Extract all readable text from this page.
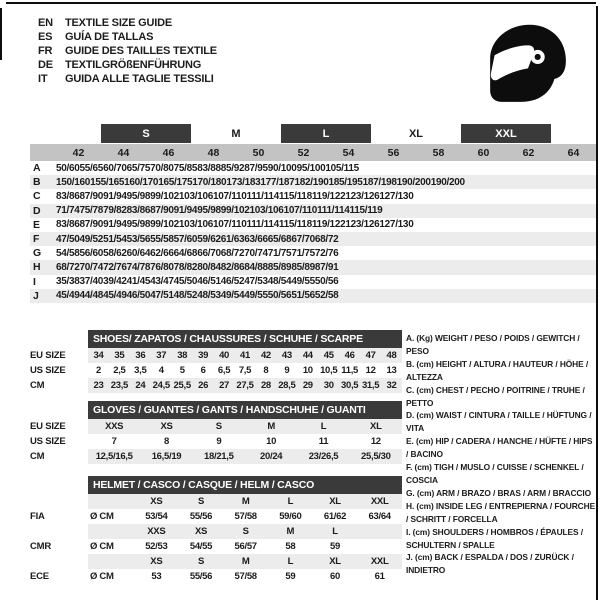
EN	TEXTILE SIZE GUIDE
ES	GUÍA DE TALLAS
FR	GUIDE DES TAILLES TEXTILE
DE	TEXTILGRÖßENFÜHRUNG
IT	GUIDA ALLE TAGLIE TESSILI
S	M	L	XL	XXL
42	44	46	48	50	52	54	56	58	60	62	64
A	50/60 55/65 60/70 65/75 70/80 75/85 83/88 85/92 87/95 90/100 95/100 105/115
B	150/160 155/165 160/170 165/175 170/180 173/183 177/187 182/190 185/195 187/198 190/200 190/200
C	83/86 87/90 91/94 95/98 99/102 103/106 107/110 111/114 115/118 119/122 123/126 127/130
D	71/74 75/78 79/82 83/86 87/90 91/94 95/98 99/102 103/106 107/110 111/114 115/119
E	83/86 87/90 91/94 95/98 99/102 103/106 107/110 111/114 115/118 119/122 123/126 127/130
F	47/50 49/52 51/54 53/56 55/58 57/60 59/62 61/63 63/66 65/68 67/70 68/72
G	54/58 56/60 58/62 60/64 62/66 64/68 66/70 68/72 70/74 71/75 71/75 72/76
H	68/72 70/74 72/76 74/78 76/80 78/82 80/84 82/86 84/88 85/89 85/89 87/91
I	35/38 37/40 39/42 41/45 43/47 45/50 46/51 46/52 47/53 48/54 49/55 50/56
J	45/49 44/48 45/49 46/50 47/51 48/52 48/53 49/54 49/55 50/56 51/56 52/58
SHOES/ ZAPATOS / CHAUSSURES / SCHUHE / SCARPE
EU SIZE	34	35	36	37	38	39	40	41	42	43	44	45	46	47	48
US SIZE	2	2,5 3,5	4	5	6	6,5 7,5	8	9	10 10,5 11,5 12	13
CM	23 23,5 24 24,5 25,5 26	27 27,5 28 28,5 29	30 30,5 31,5 32
GLOVES / GUANTES / GANTS / HANDSCHUHE / GUANTI
EU SIZE	XXS	XS	S	M	L	XL
US SIZE	7	8	9	10	11	12
CM	12,5/16,5	16,5/19	18/21,5	20/24	23/26,5	25,5/30
HELMET / CASCO / CASQUE / HELM / CASCO
XS	S	M	L	XL	XXL
FIA	Ø CM	53/54	55/56	57/58	59/60	61/62	63/64
XXS	XS	S	M	L
CMR	Ø CM	52/53	54/55	56/57	58	59
XS	S	M	L	XL	XXL
ECE	Ø CM	53	55/56	57/58	59	60	61
A. (Kg) WEIGHT / PESO / POIDS / GEWITCH / PESO
B. (cm) HEIGHT / ALTURA / HAUTEUR / HÖHE / ALTEZZA
C. (cm) CHEST / PECHO / POITRINE / TRUHE / PETTO
D. (cm) WAIST / CINTURA / TAILLE / HÜFTUNG / VITA
E. (cm) HIP / CADERA / HANCHE / HÜFTE / HIPS / BACINO
F. (cm) TIGH / MUSLO / CUISSE / SCHENKEL / COSCIA
G. (cm) ARM / BRAZO / BRAS / ARM / BRACCIO
H. (cm) INSIDE LEG / ENTREPIERNA / FOURCHE / SCHRITT / FORCELLA
I. (cm) SHOULDERS / HOMBROS / ÉPAULES / SCHULTERN / SPALLE
J. (cm) BACK / ESPALDA / DOS / ZURÜCK / INDIETRO
